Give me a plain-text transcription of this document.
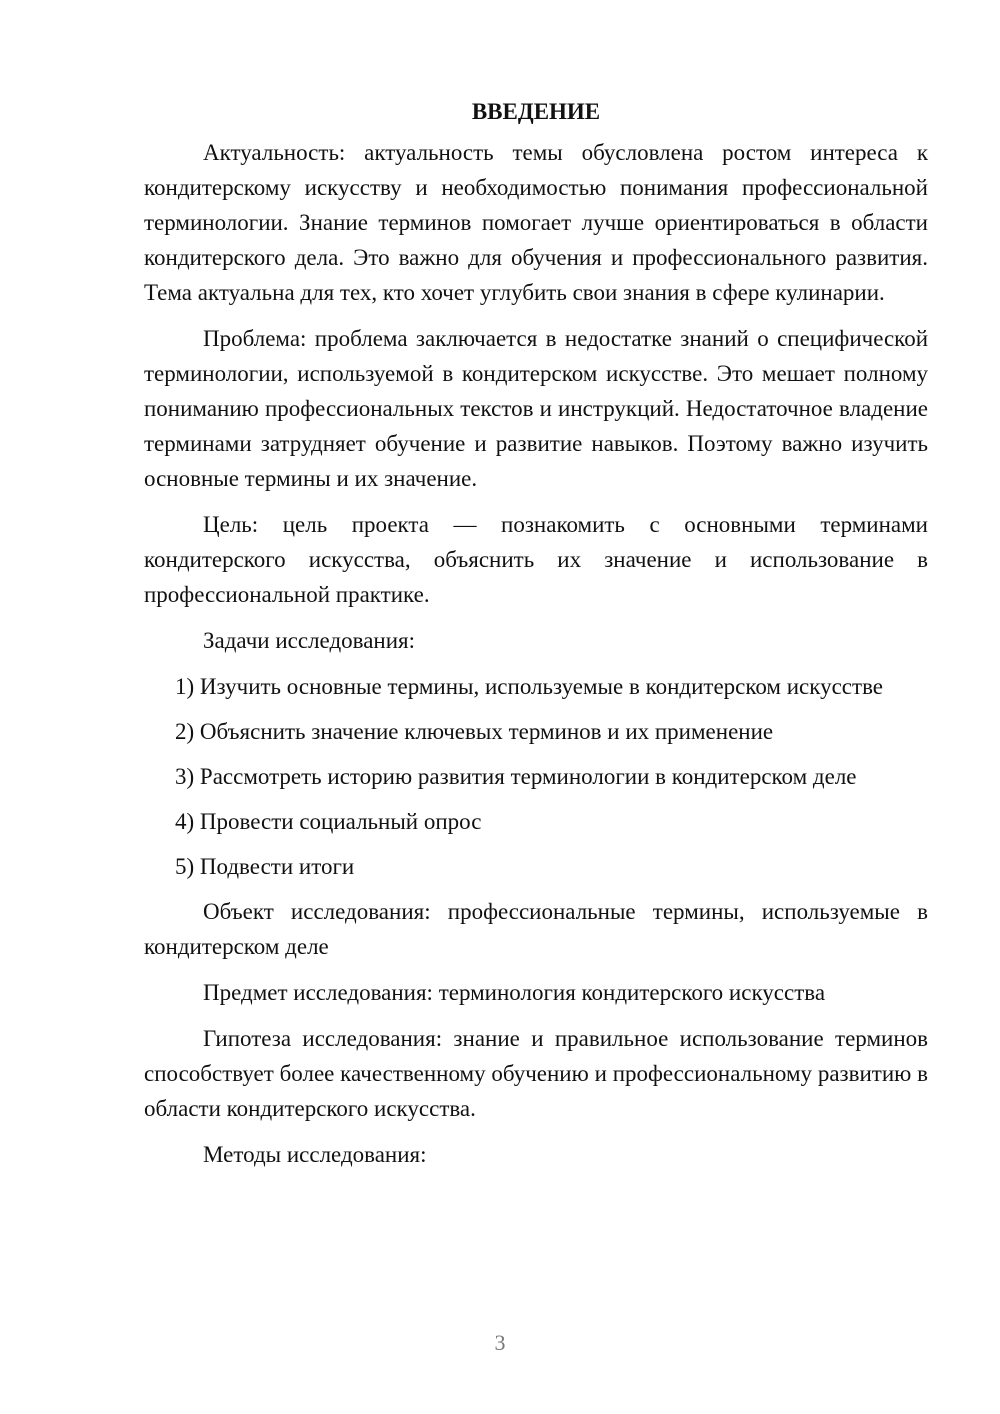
ВВЕДЕНИЕ

Актуальность: актуальность темы обусловлена ростом интереса к кондитерскому искусству и необходимостью понимания профессиональной терминологии. Знание терминов помогает лучше ориентироваться в области кондитерского дела. Это важно для обучения и профессионального развития. Тема актуальна для тех, кто хочет углубить свои знания в сфере кулинарии.

Проблема: проблема заключается в недостатке знаний о специфической терминологии, используемой в кондитерском искусстве. Это мешает полному пониманию профессиональных текстов и инструкций. Недостаточное владение терминами затрудняет обучение и развитие навыков. Поэтому важно изучить основные термины и их значение.

Цель: цель проекта — познакомить с основными терминами кондитерского искусства, объяснить их значение и использование в профессиональной практике.

Задачи исследования:

1) Изучить основные термины, используемые в кондитерском искусстве

2) Объяснить значение ключевых терминов и их применение

3) Рассмотреть историю развития терминологии в кондитерском деле

4) Провести социальный опрос

5) Подвести итоги

Объект исследования: профессиональные термины, используемые в кондитерском деле

Предмет исследования: терминология кондитерского искусства

Гипотеза исследования: знание и правильное использование терминов способствует более качественному обучению и профессиональному развитию в области кондитерского искусства.

Методы исследования:

3
